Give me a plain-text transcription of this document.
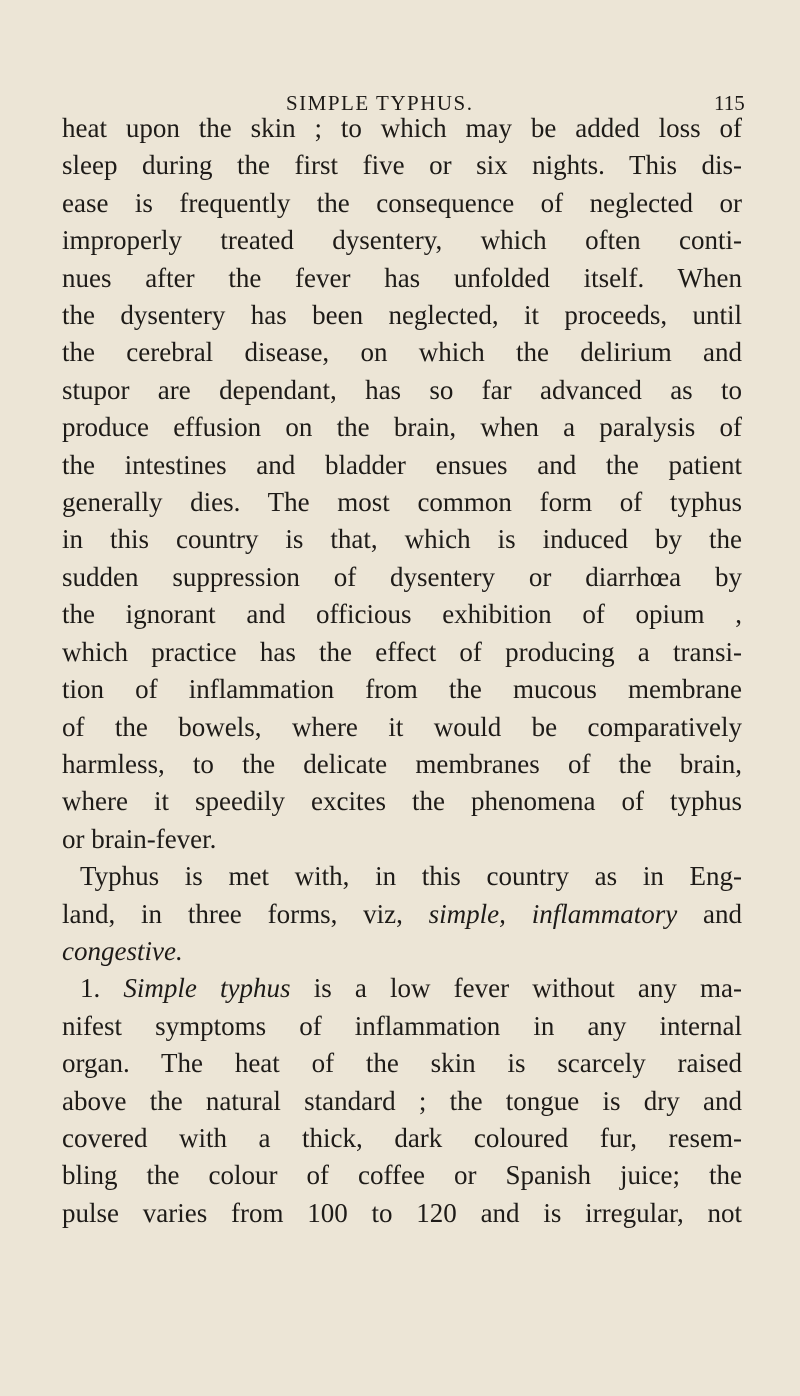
SIMPLE TYPHUS.	115
heat upon the skin ; to which may be added loss of
sleep during the first five or six nights. This dis-
ease is frequently the consequence of neglected or
improperly treated dysentery, which often conti-
nues after the fever has unfolded itself. When
the dysentery has been neglected, it proceeds, until
the cerebral disease, on which the delirium and
stupor are dependant, has so far advanced as to
produce effusion on the brain, when a paralysis of
the intestines and bladder ensues and the patient
generally dies. The most common form of typhus
in this country is that, which is induced by the
sudden suppression of dysentery or diarrhœa by
the ignorant and officious exhibition of opium ,
which practice has the effect of producing a transi-
tion of inflammation from the mucous membrane
of the bowels, where it would be comparatively
harmless, to the delicate membranes of the brain,
where it speedily excites the phenomena of typhus
or brain-fever.
Typhus is met with, in this country as in Eng-
land, in three forms, viz, simple, inflammatory and
congestive.
1. Simple typhus is a low fever without any ma-
nifest symptoms of inflammation in any internal
organ. The heat of the skin is scarcely raised
above the natural standard ; the tongue is dry and
covered with a thick, dark coloured fur, resem-
bling the colour of coffee or Spanish juice; the
pulse varies from 100 to 120 and is irregular, not
